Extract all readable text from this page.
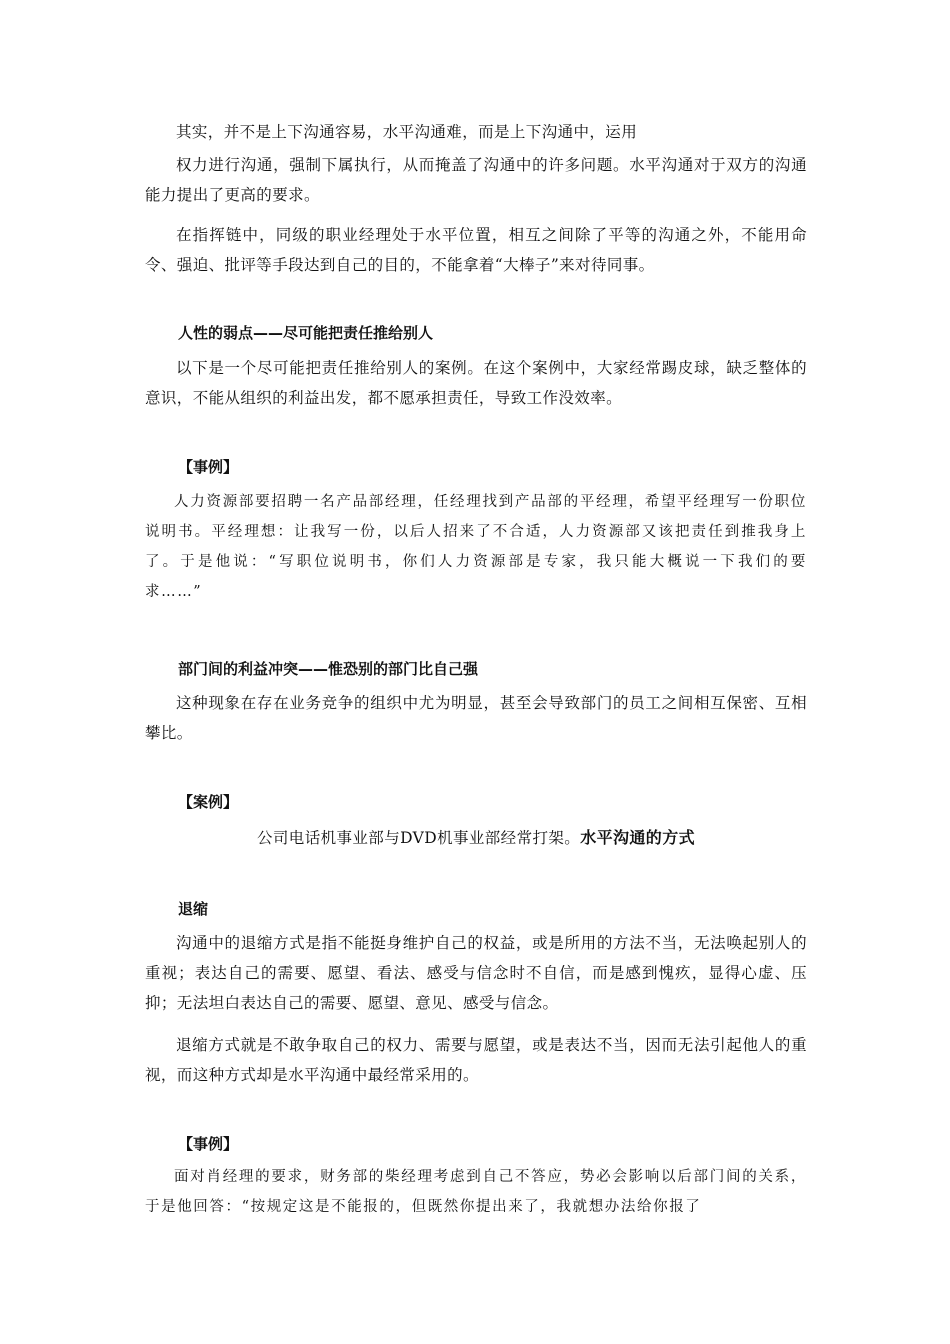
其实，并不是上下沟通容易，水平沟通难，而是上下沟通中，运用

权力进行沟通，强制下属执行，从而掩盖了沟通中的许多问题。水平沟通对于双方的沟通能力提出了更高的要求。

在指挥链中，同级的职业经理处于水平位置，相互之间除了平等的沟通之外，不能用命令、强迫、批评等手段达到自己的目的，不能拿着“大棒子”来对待同事。

人性的弱点——尽可能把责任推给别人

以下是一个尽可能把责任推给别人的案例。在这个案例中，大家经常踢皮球，缺乏整体的意识，不能从组织的利益出发，都不愿承担责任，导致工作没效率。

【事例】

人力资源部要招聘一名产品部经理，任经理找到产品部的平经理，希望平经理写一份职位说明书。平经理想：让我写一份，以后人招来了不合适，人力资源部又该把责任到推我身上了。于是他说：“写职位说明书，你们人力资源部是专家，我只能大概说一下我们的要求……”

部门间的利益冲突——惟恐别的部门比自己强

这种现象在存在业务竞争的组织中尤为明显，甚至会导致部门的员工之间相互保密、互相攀比。

【案例】

公司电话机事业部与DVD机事业部经常打架。水平沟通的方式

退缩

沟通中的退缩方式是指不能挺身维护自己的权益，或是所用的方法不当，无法唤起别人的重视；表达自己的需要、愿望、看法、感受与信念时不自信，而是感到愧疚，显得心虚、压抑；无法坦白表达自己的需要、愿望、意见、感受与信念。

退缩方式就是不敢争取自己的权力、需要与愿望，或是表达不当，因而无法引起他人的重视，而这种方式却是水平沟通中最经常采用的。

【事例】

面对肖经理的要求，财务部的柴经理考虑到自己不答应，势必会影响以后部门间的关系，于是他回答：“按规定这是不能报的，但既然你提出来了，我就想办法给你报了
